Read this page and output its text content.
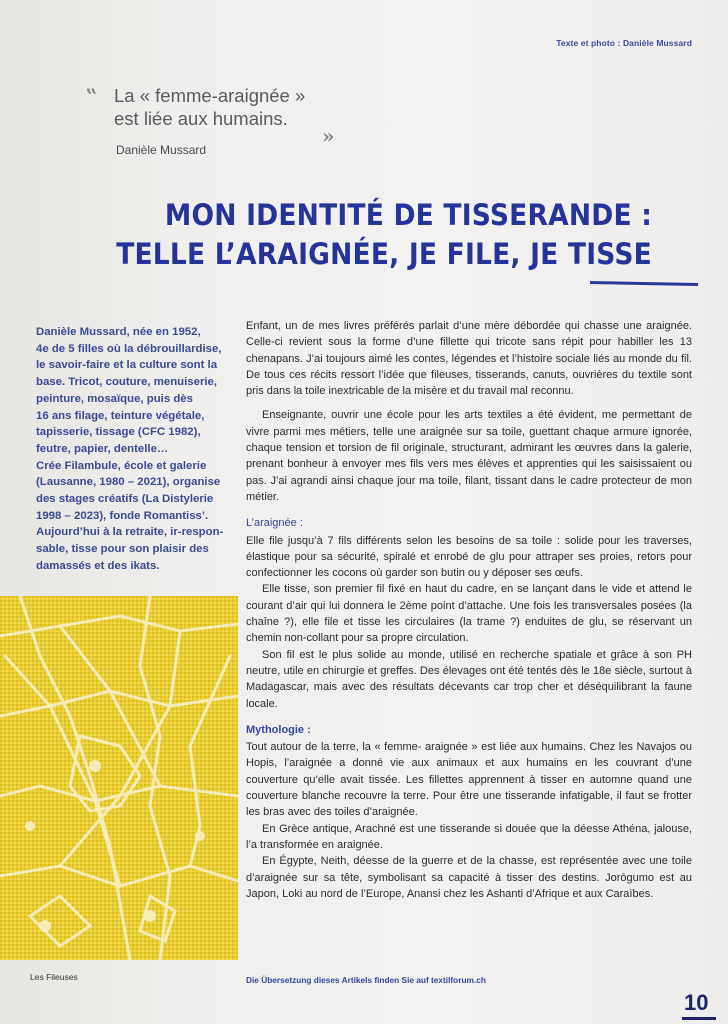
Texte et photo : Danièle Mussard
‟ La « femme-araignée »
est liée aux humains.
»
Danièle Mussard
MON IDENTITÉ DE TISSERANDE :
TELLE L’ARAIGNÉE, JE FILE, JE TISSE

Danièle Mussard, née en 1952,

4e de 5 filles où la débrouillardise,

le savoir-faire et la culture sont la

base. Tricot, couture, menuiserie,

peinture, mosaïque, puis dès

16 ans filage, teinture végétale,

tapisserie, tissage (CFC 1982),

feutre, papier, dentelle…

Crée Filambule, école et galerie

(Lausanne, 1980 – 2021), organise

des stages créatifs (La Distylerie

1998 – 2023), fonde Romantiss’.

Aujourd’hui à la retraite, ir-respon-

sable, tisse pour son plaisir des

damassés et des ikats.

Les Fileuses

Enfant, un de mes livres préférés parlait d’une mère débordée qui chasse une araignée. Celle-ci revient sous la forme d’une fillette qui tricote sans répit pour habiller les 13 chenapans. J’ai toujours aimé les contes, légendes et l’histoire sociale liés au monde du fil. De tous ces récits ressort l’idée que fileuses, tisserands, canuts, ouvrières du textile sont pris dans la toile inextricable de la misère et du travail mal reconnu.

Enseignante, ouvrir une école pour les arts textiles a été évident, me permettant de vivre parmi mes métiers, telle une araignée sur sa toile, guettant chaque armure ignorée, chaque tension et torsion de fil originale, structurant, admirant les œuvres dans la galerie, prenant bonheur à envoyer mes fils vers mes élèves et apprenties qui les saisissaient ou pas. J’ai agrandi ainsi chaque jour ma toile, filant, tissant dans le cadre protecteur de mon métier.

L’araignée :

Elle file jusqu’à 7 fils différents selon les besoins de sa toile : solide pour les traverses, élastique pour sa sécurité, spiralé et enrobé de glu pour attraper ses proies, retors pour confectionner les cocons où garder son butin ou y déposer ses œufs.

Elle tisse, son premier fil fixé en haut du cadre, en se lançant dans le vide et attend le courant d’air qui lui donnera le 2ème point d’attache. Une fois les transversales posées (la chaîne ?), elle file et tisse les circulaires (la trame ?) enduites de glu, se réservant un chemin non-collant pour sa propre circulation.

Son fil est le plus solide au monde, utilisé en recherche spatiale et grâce à son PH neutre, utile en chirurgie et greffes. Des élevages ont été tentés dès le 18e siècle, surtout à Madagascar, mais avec des résultats décevants car trop cher et déséquilibrant la faune locale.

Mythologie :

Tout autour de la terre, la « femme- araignée » est liée aux humains. Chez les Navajos ou Hopis, l’araignée a donné vie aux animaux et aux humains en les couvrant d’une couverture qu’elle avait tissée. Les fillettes apprennent à tisser en automne quand une couverture blanche recouvre la terre. Pour être une tisserande infatigable, il faut se frotter les bras avec des toiles d’araignée.

En Grèce antique, Arachné est une tisserande si douée que la déesse Athéna, jalouse, l’a transformée en araignée.

En Égypte, Neith, déesse de la guerre et de la chasse, est représentée avec une toile d’araignée sur sa tête, symbolisant sa capacité à tisser des destins. Jorōgumo est au Japon, Loki au nord de l’Europe, Anansi chez les Ashanti d’Afrique et aux Caraïbes.

Die Übersetzung dieses Artikels finden Sie auf textilforum.ch
10
